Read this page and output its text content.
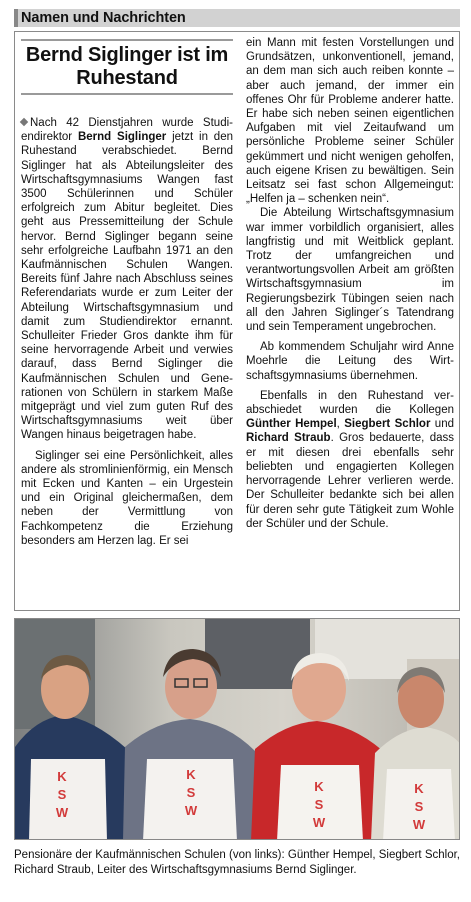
Namen und Nachrichten
Bernd Siglinger ist im Ruhestand

Nach 42 Dienstjahren wurde Studiendirektor Bernd Siglinger jetzt in den Ruhestand verabschiedet. Bernd Siglinger hat als Abteilungsleiter des Wirtschaftsgymnasiums Wangen fast 3500 Schülerinnen und Schüler erfolgreich zum Abitur begleitet. Dies geht aus Pressemitteilung der Schule hervor. Bernd Siglinger begann seine sehr erfolgreiche Laufbahn 1971 an den Kaufmännischen Schulen Wangen. Bereits fünf Jahre nach Abschluss seines Referendariats wurde er zum Leiter der Abteilung Wirtschaftsgymnasium und damit zum Studiendirektor ernannt. Schulleiter Frieder Gros dankte ihm für seine hervorragende Arbeit und verwies darauf, dass Bernd Siglinger die Kaufmännischen Schulen und Generationen von Schülern in starkem Maße mitgeprägt und viel zum guten Ruf des Wirtschaftsgymnasiums weit über Wangen hinaus beigetragen habe.

Siglinger sei eine Persönlichkeit, alles andere als stromlinienförmig, ein Mensch mit Ecken und Kanten – ein Urgestein und ein Original gleichermaßen, dem neben der Vermittlung von Fachkompetenz die Erziehung besonders am Herzen lag. Er sei

ein Mann mit festen Vorstellungen und Grundsätzen, unkonventionell, jemand, an dem man sich auch reiben konnte – aber auch jemand, der immer ein offenes Ohr für Probleme anderer hatte. Er habe sich neben seinen eigentlichen Aufgaben mit viel Zeitaufwand um persönliche Probleme seiner Schüler gekümmert und nicht wenigen geholfen, auch eigene Krisen zu bewältigen. Sein Leitsatz sei fast schon Allgemeingut: „Helfen ja – schenken nein“.

Die Abteilung Wirtschaftsgymnasium war immer vorbildlich organisiert, alles langfristig und mit Weitblick geplant. Trotz der umfangreichen und verantwortungsvollen Arbeit am größten Wirtschaftsgymnasium im Regierungsbezirk Tübingen seien nach all den Jahren Siglinger´s Tatendrang und sein Temperament ungebrochen.

Ab kommendem Schuljahr wird Anne Moehrle die Leitung des Wirtschaftsgymnasiums übernehmen.

Ebenfalls in den Ruhestand verabschiedet wurden die Kollegen Günther Hempel, Siegbert Schlor und Richard Straub. Gros bedauerte, dass er mit diesen drei ebenfalls sehr beliebten und engagierten Kollegen hervorragende Lehrer verlieren werde. Der Schulleiter bedankte sich bei allen für deren sehr gute Tätigkeit zum Wohle der Schüler und der Schule.

K
S
W
K
S
W
K
S
W
K
S
W
Pensionäre der Kaufmännischen Schulen (von links): Günther Hempel, Siegbert Schlor, Richard Straub, Leiter des Wirtschaftsgymnasiums Bernd Siglinger.
